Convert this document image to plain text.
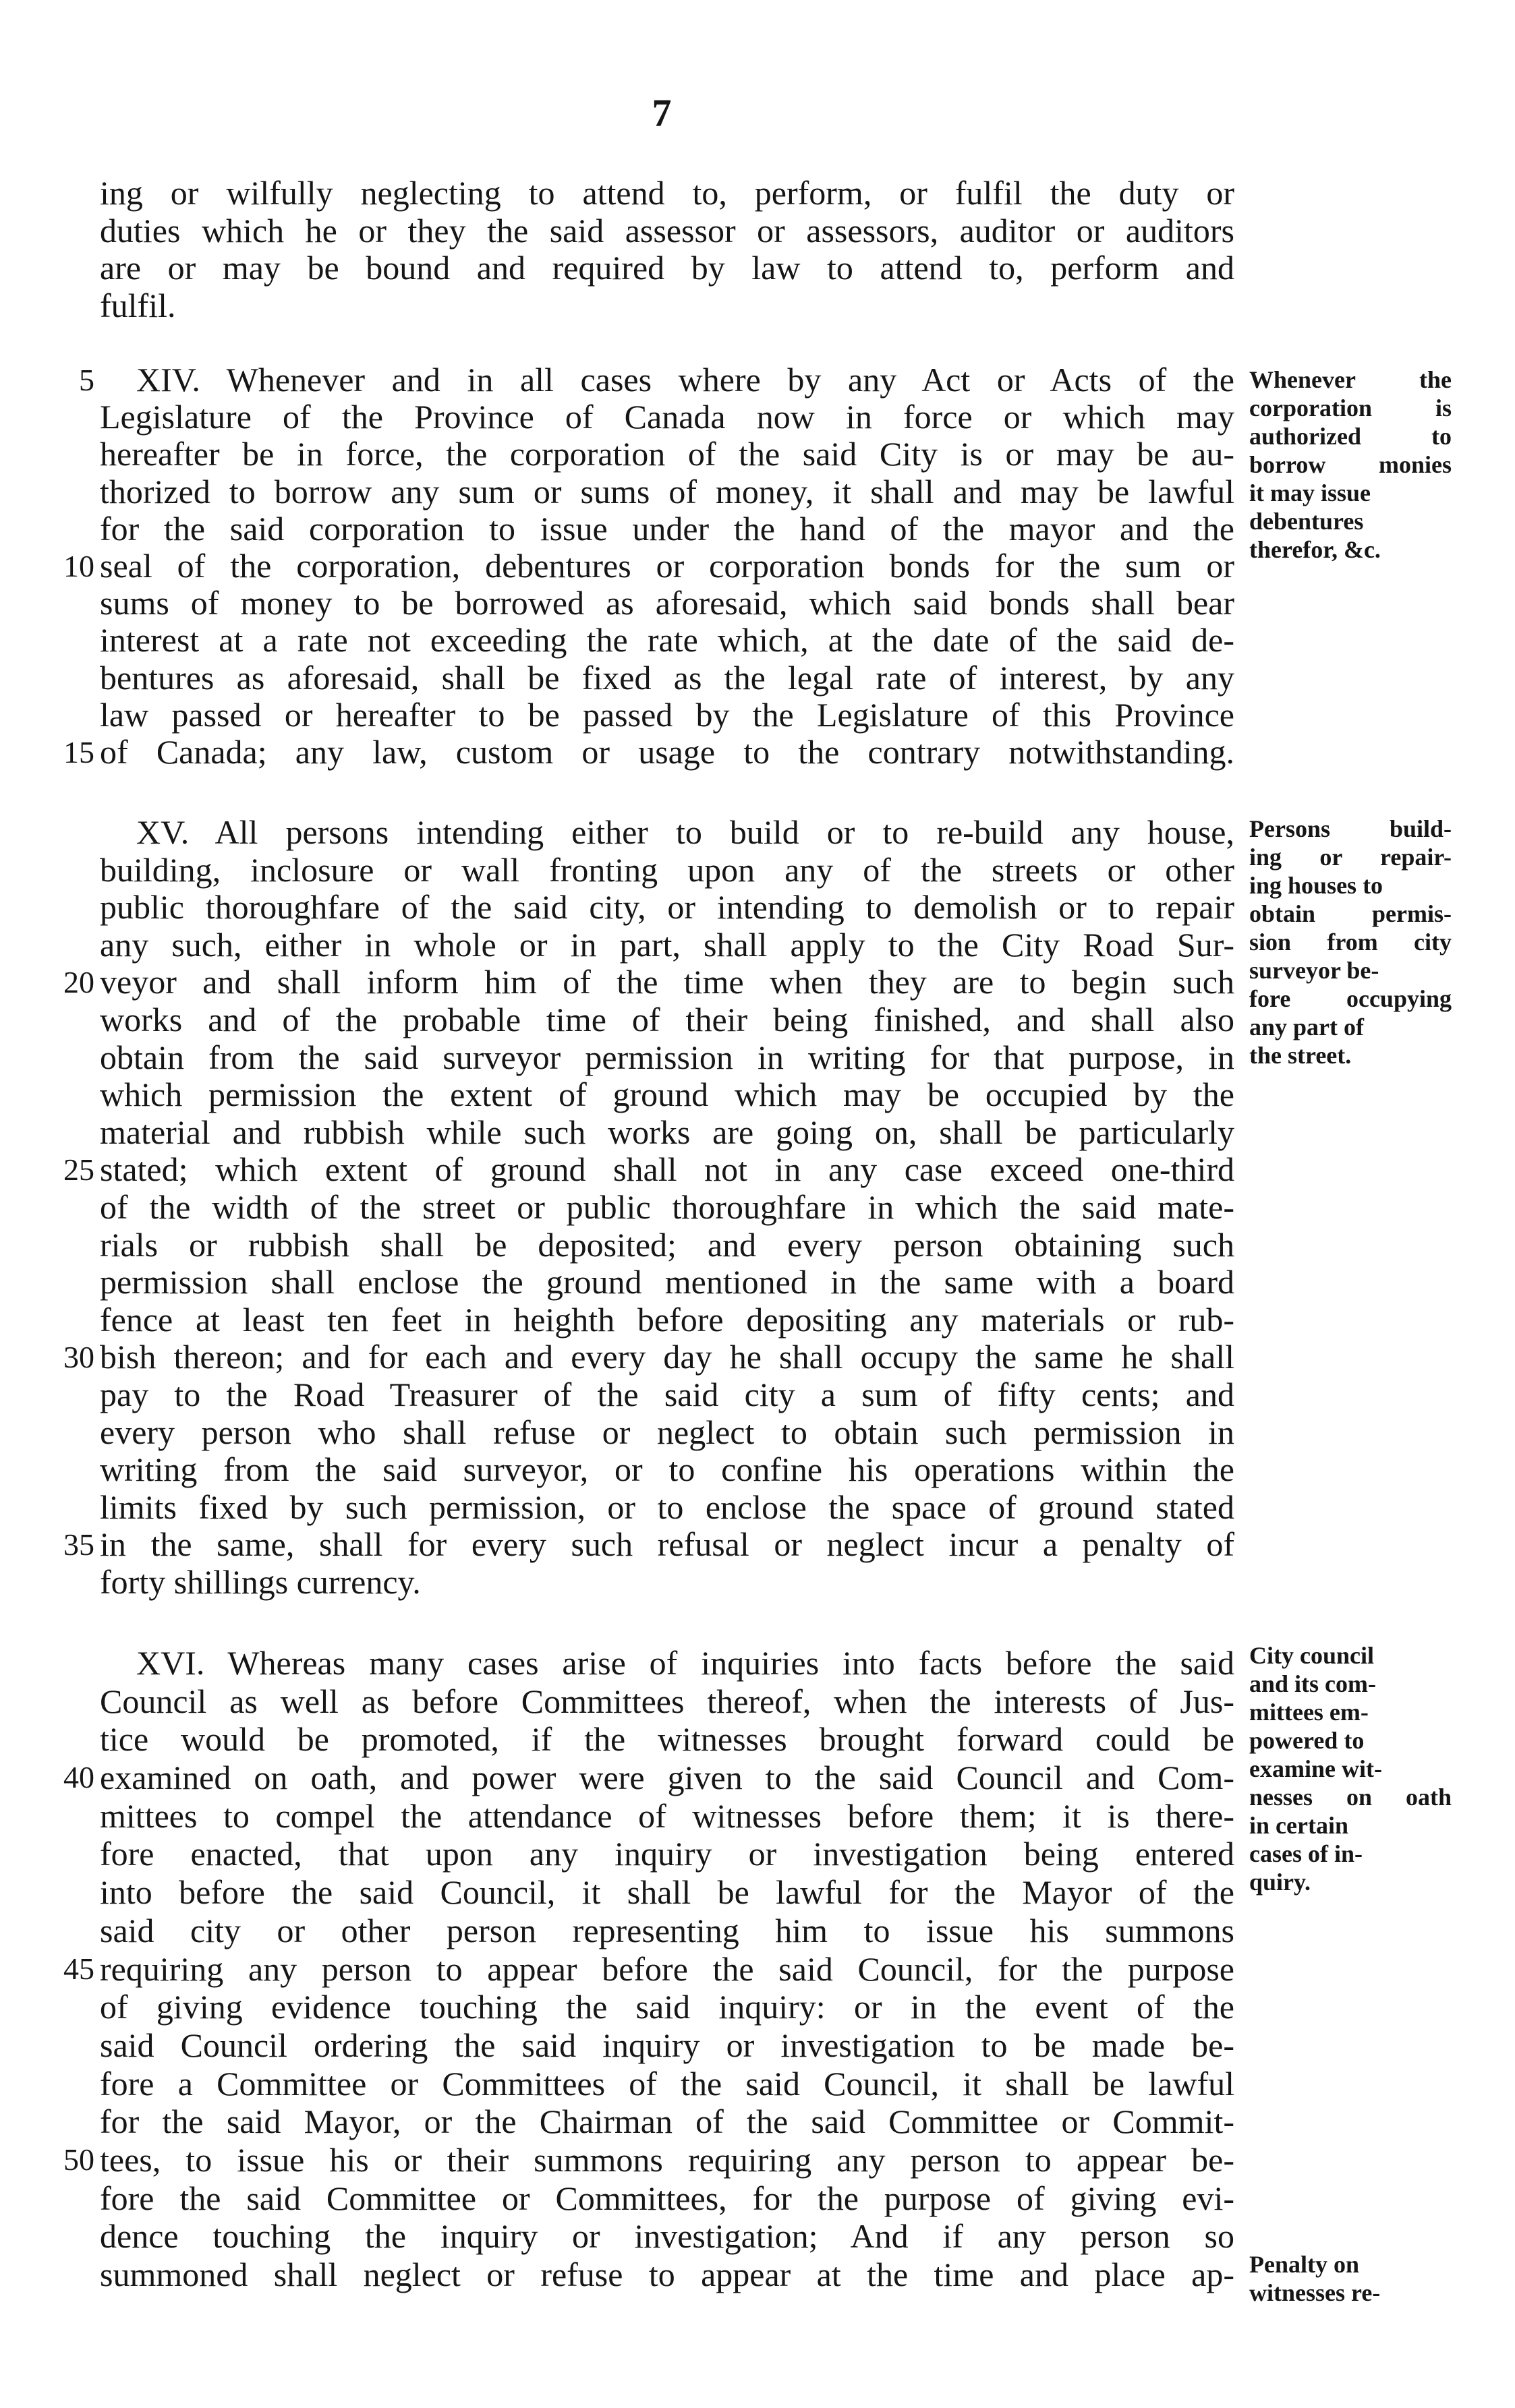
7
ing or wilfully neglecting to attend to, perform, or fulfil the duty or
duties which he or they the said assessor or assessors, auditor or auditors
are or may be bound and required by law to attend to, perform and
fulfil.
5 XIV. Whenever and in all cases where by any Act or Acts of the
Legislature of the Province of Canada now in force or which may
hereafter be in force, the corporation of the said City is or may be au-
thorized to borrow any sum or sums of money, it shall and may be lawful
for the said corporation to issue under the hand of the mayor and the
10 seal of the corporation, debentures or corporation bonds for the sum or
sums of money to be borrowed as aforesaid, which said bonds shall bear
interest at a rate not exceeding the rate which, at the date of the said de-
bentures as aforesaid, shall be fixed as the legal rate of interest, by any
law passed or hereafter to be passed by the Legislature of this Province
15 of Canada; any law, custom or usage to the contrary notwithstanding.
XV. All persons intending either to build or to re-build any house,
building, inclosure or wall fronting upon any of the streets or other
public thoroughfare of the said city, or intending to demolish or to repair
any such, either in whole or in part, shall apply to the City Road Sur-
20 veyor and shall inform him of the time when they are to begin such
works and of the probable time of their being finished, and shall also
obtain from the said surveyor permission in writing for that purpose, in
which permission the extent of ground which may be occupied by the
material and rubbish while such works are going on, shall be particularly
25 stated; which extent of ground shall not in any case exceed one-third
of the width of the street or public thoroughfare in which the said mate-
rials or rubbish shall be deposited; and every person obtaining such
permission shall enclose the ground mentioned in the same with a board
fence at least ten feet in heighth before depositing any materials or rub-
30 bish thereon; and for each and every day he shall occupy the same he shall
pay to the Road Treasurer of the said city a sum of fifty cents; and
every person who shall refuse or neglect to obtain such permission in
writing from the said surveyor, or to confine his operations within the
limits fixed by such permission, or to enclose the space of ground stated
35 in the same, shall for every such refusal or neglect incur a penalty of
forty shillings currency.
XVI. Whereas many cases arise of inquiries into facts before the said
Council as well as before Committees thereof, when the interests of Jus-
tice would be promoted, if the witnesses brought forward could be
40 examined on oath, and power were given to the said Council and Com-
mittees to compel the attendance of witnesses before them; it is there-
fore enacted, that upon any inquiry or investigation being entered
into before the said Council, it shall be lawful for the Mayor of the
said city or other person representing him to issue his summons
45 requiring any person to appear before the said Council, for the purpose
of giving evidence touching the said inquiry: or in the event of the
said Council ordering the said inquiry or investigation to be made be-
fore a Committee or Committees of the said Council, it shall be lawful
for the said Mayor, or the Chairman of the said Committee or Commit-
50 tees, to issue his or their summons requiring any person to appear be-
fore the said Committee or Committees, for the purpose of giving evi-
dence touching the inquiry or investigation; And if any person so
summoned shall neglect or refuse to appear at the time and place ap-
Whenever the
corporation is
authorized to
borrow monies
it may issue
debentures
therefor, &c.
Persons build-
ing or repair-
ing houses to
obtain permis-
sion from city
surveyor be-
fore occupying
any part of
the street.
City council
and its com-
mittees em-
powered to
examine wit-
nesses on oath
in certain
cases of in-
quiry.
Penalty on
witnesses re-
